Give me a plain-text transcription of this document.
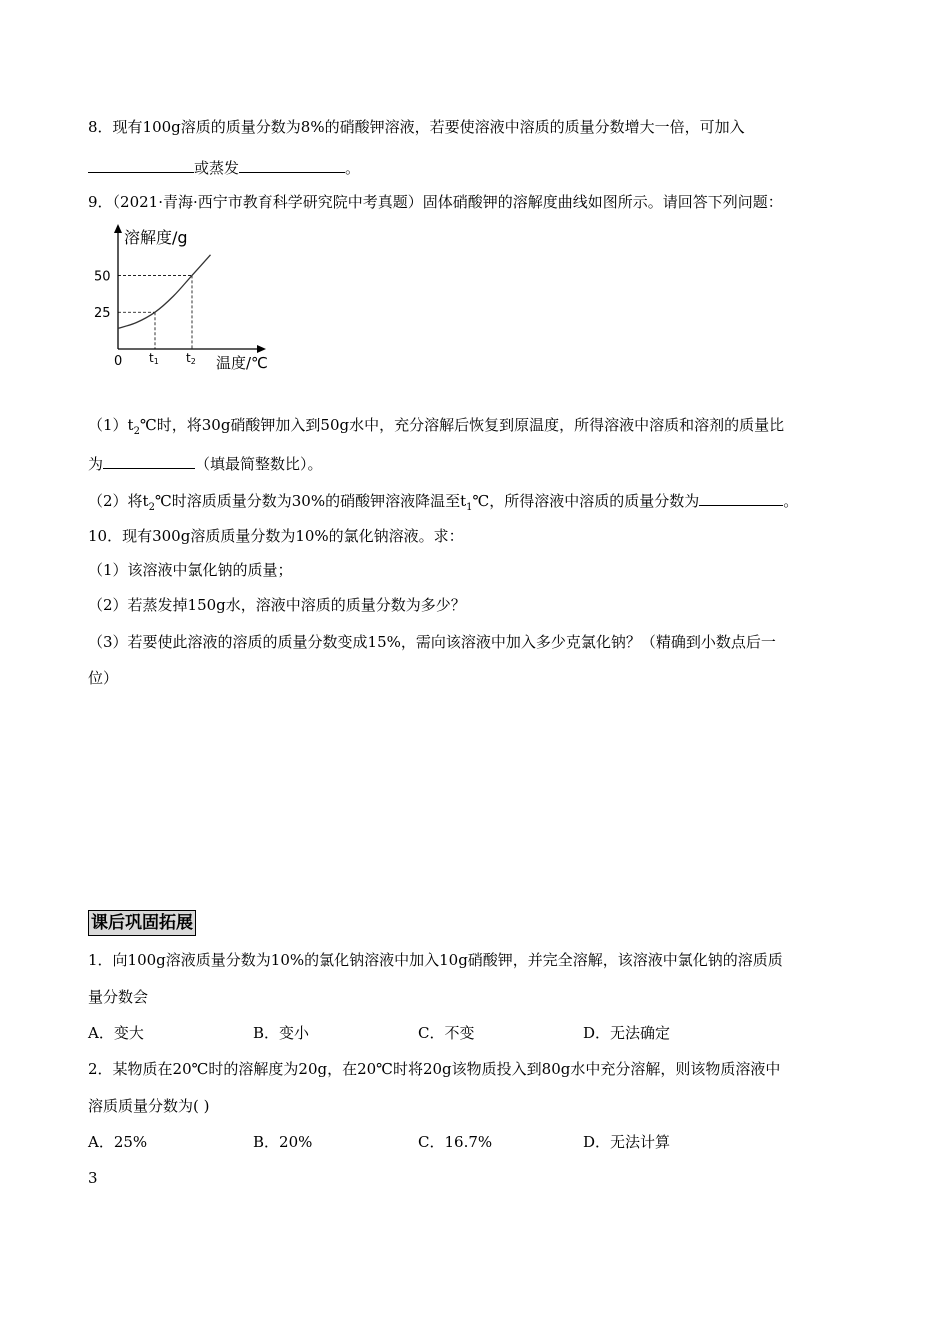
8．现有100g溶质的质量分数为8%的硝酸钾溶液，若要使溶液中溶质的质量分数增大一倍，可加入
或蒸发	。
9．（2021·青海·西宁市教育科学研究院中考真题）固体硝酸钾的溶解度曲线如图所示。请回答下列问题：
溶解度/g
温度/℃
0
50
25
t1 t2
$(1)t_2℃$时，将30g硝酸钾加入到50g水中，充分溶解后恢复到原温度，所得溶液中溶质和溶剂的质量比
为	（填最简整数比）。
（2）将$t_2℃$时溶质质量分数为30%的硝酸钾溶液降温至$t_1℃$，所得溶液中溶质的质量分数为	。
10．现有300g溶质质量分数为10%的氯化钠溶液。求：
（1）该溶液中氯化钠的质量；
（2）若蒸发掉150g水，溶液中溶质的质量分数为多少？
（3）若要使此溶液的溶质的质量分数变成15%，需向该溶液中加入多少克氯化钠？（精确到小数点后一
位）
课后巩固拓展
1．向100g溶液质量分数为10%的氯化钠溶液中加入10g硝酸钾，并完全溶解，该溶液中氯化钠的溶质质
量分数会
A．变大	B．变小	C．不变	D．无法确定
2．某物质在20℃时的溶解度为20g，在20℃时将20g该物质投入到80g水中充分溶解，则该物质溶液中
溶质质量分数为( )
A．25%	B．20%	C．16.7%	D．无法计算
3
